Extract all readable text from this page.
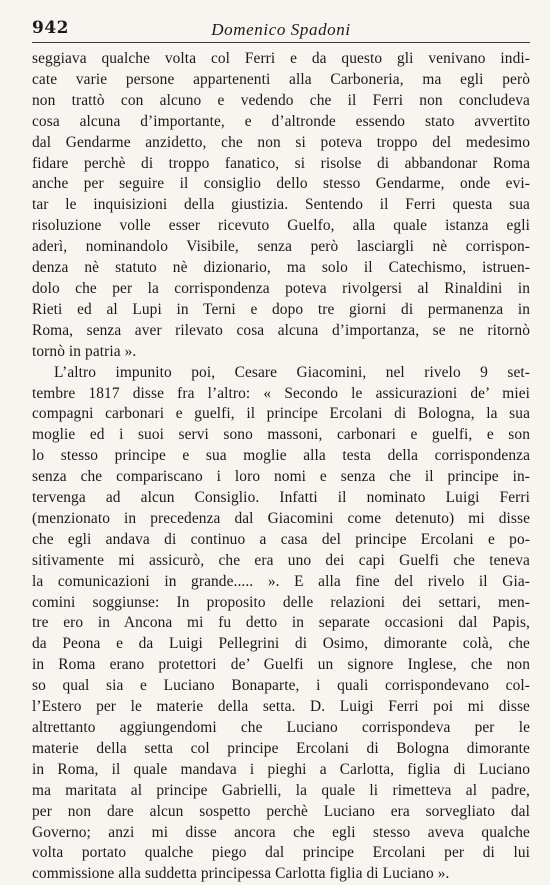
942	Domenico Spadoni
seggiava qualche volta col Ferri e da questo gli venivano indi-
cate varie persone appartenenti alla Carboneria, ma egli però
non trattò con alcuno e vedendo che il Ferri non concludeva
cosa alcuna d’importante, e d’altronde essendo stato avvertito
dal Gendarme anzidetto, che non si poteva troppo del medesimo
fidare perchè di troppo fanatico, si risolse di abbandonar Roma
anche per seguire il consiglio dello stesso Gendarme, onde evi-
tar le inquisizioni della giustizia. Sentendo il Ferri questa sua
risoluzione volle esser ricevuto Guelfo, alla quale istanza egli
aderì, nominandolo Visibile, senza però lasciargli nè corrispon-
denza nè statuto nè dizionario, ma solo il Catechismo, istruen-
dolo che per la corrispondenza poteva rivolgersi al Rinaldini in
Rieti ed al Lupi in Terni e dopo tre giorni di permanenza in
Roma, senza aver rilevato cosa alcuna d’importanza, se ne ritornò
tornò in patria ».
L’altro impunito poi, Cesare Giacomini, nel rivelo 9 set-
tembre 1817 disse fra l’altro: « Secondo le assicurazioni de’ miei
compagni carbonari e guelfi, il principe Ercolani di Bologna, la sua
moglie ed i suoi servi sono massoni, carbonari e guelfi, e son
lo stesso principe e sua moglie alla testa della corrispondenza
senza che compariscano i loro nomi e senza che il principe in-
tervenga ad alcun Consiglio. Infatti il nominato Luigi Ferri
(menzionato in precedenza dal Giacomini come detenuto) mi disse
che egli andava di continuo a casa del principe Ercolani e po-
sitivamente mi assicurò, che era uno dei capi Guelfi che teneva
la comunicazioni in grande..... ». E alla fine del rivelo il Gia-
comini soggiunse: In proposito delle relazioni dei settari, men-
tre ero in Ancona mi fu detto in separate occasioni dal Papis,
da Peona e da Luigi Pellegrini di Osimo, dimorante colà, che
in Roma erano protettori de’ Guelfi un signore Inglese, che non
so qual sia e Luciano Bonaparte, i quali corrispondevano col-
l’Estero per le materie della setta. D. Luigi Ferri poi mi disse
altrettanto aggiungendomi che Luciano corrispondeva per le
materie della setta col principe Ercolani di Bologna dimorante
in Roma, il quale mandava i pieghi a Carlotta, figlia di Luciano
ma maritata al principe Gabrielli, la quale li rimetteva al padre,
per non dare alcun sospetto perchè Luciano era sorvegliato dal
Governo; anzi mi disse ancora che egli stesso aveva qualche
volta portato qualche piego dal principe Ercolani per di lui
commissione alla suddetta principessa Carlotta figlia di Luciano ».
